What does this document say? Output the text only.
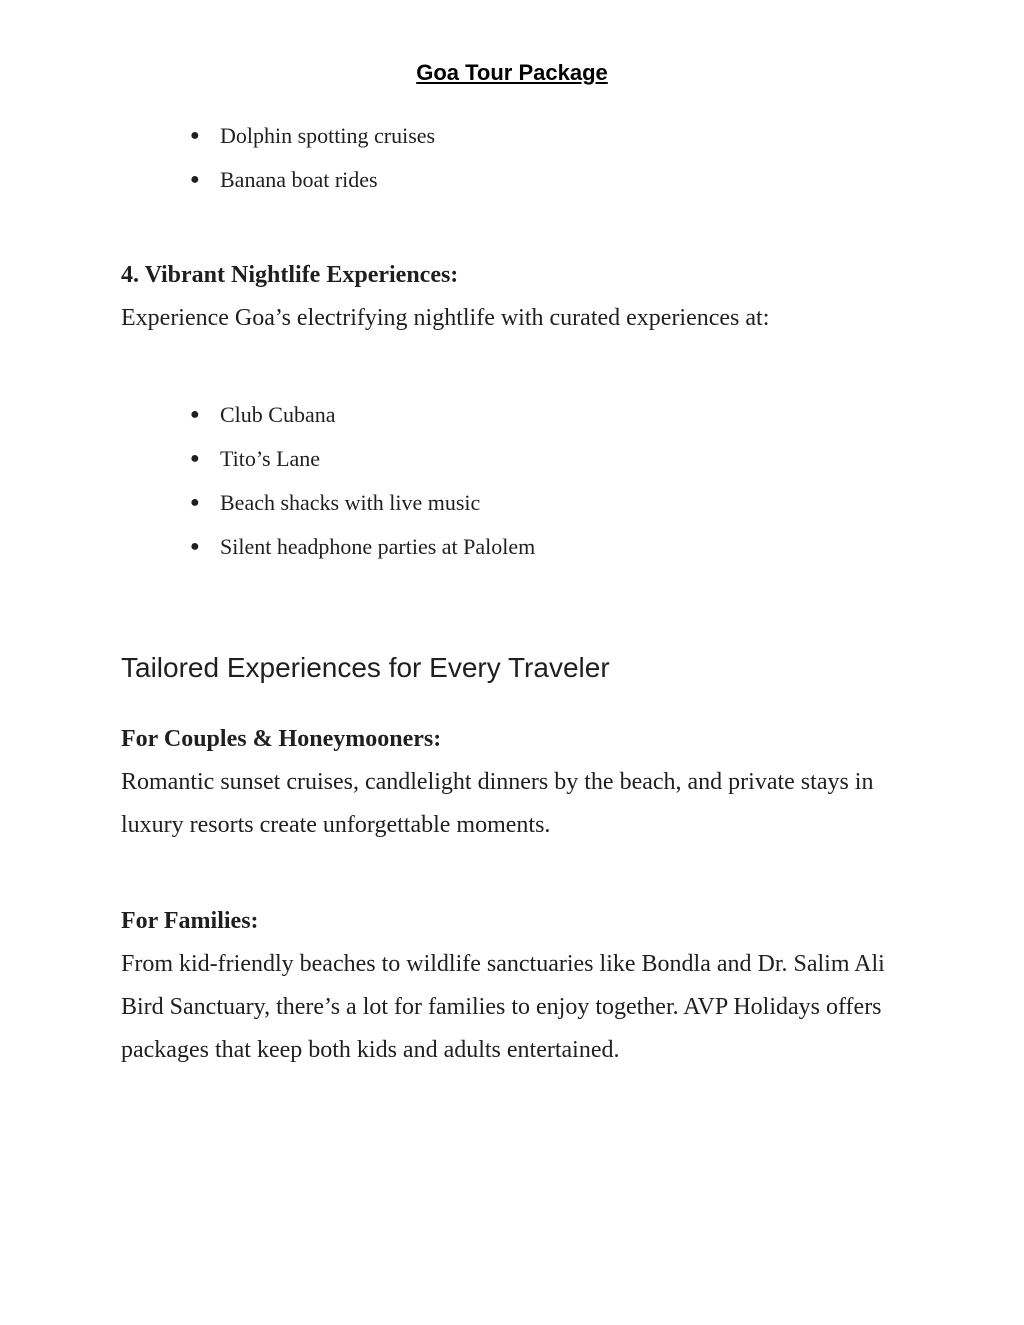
Goa Tour Package
● Dolphin spotting cruises
● Banana boat rides
4. Vibrant Nightlife Experiences:

Experience Goa’s electrifying nightlife with curated experiences at:

● Club Cubana
● Tito’s Lane
● Beach shacks with live music
● Silent headphone parties at Palolem
Tailored Experiences for Every Traveler
For Couples & Honeymooners:

Romantic sunset cruises, candlelight dinners by the beach, and private stays in luxury resorts create unforgettable moments.

For Families:

From kid-friendly beaches to wildlife sanctuaries like Bondla and Dr. Salim Ali Bird Sanctuary, there’s a lot for families to enjoy together. AVP Holidays offers packages that keep both kids and adults entertained.
